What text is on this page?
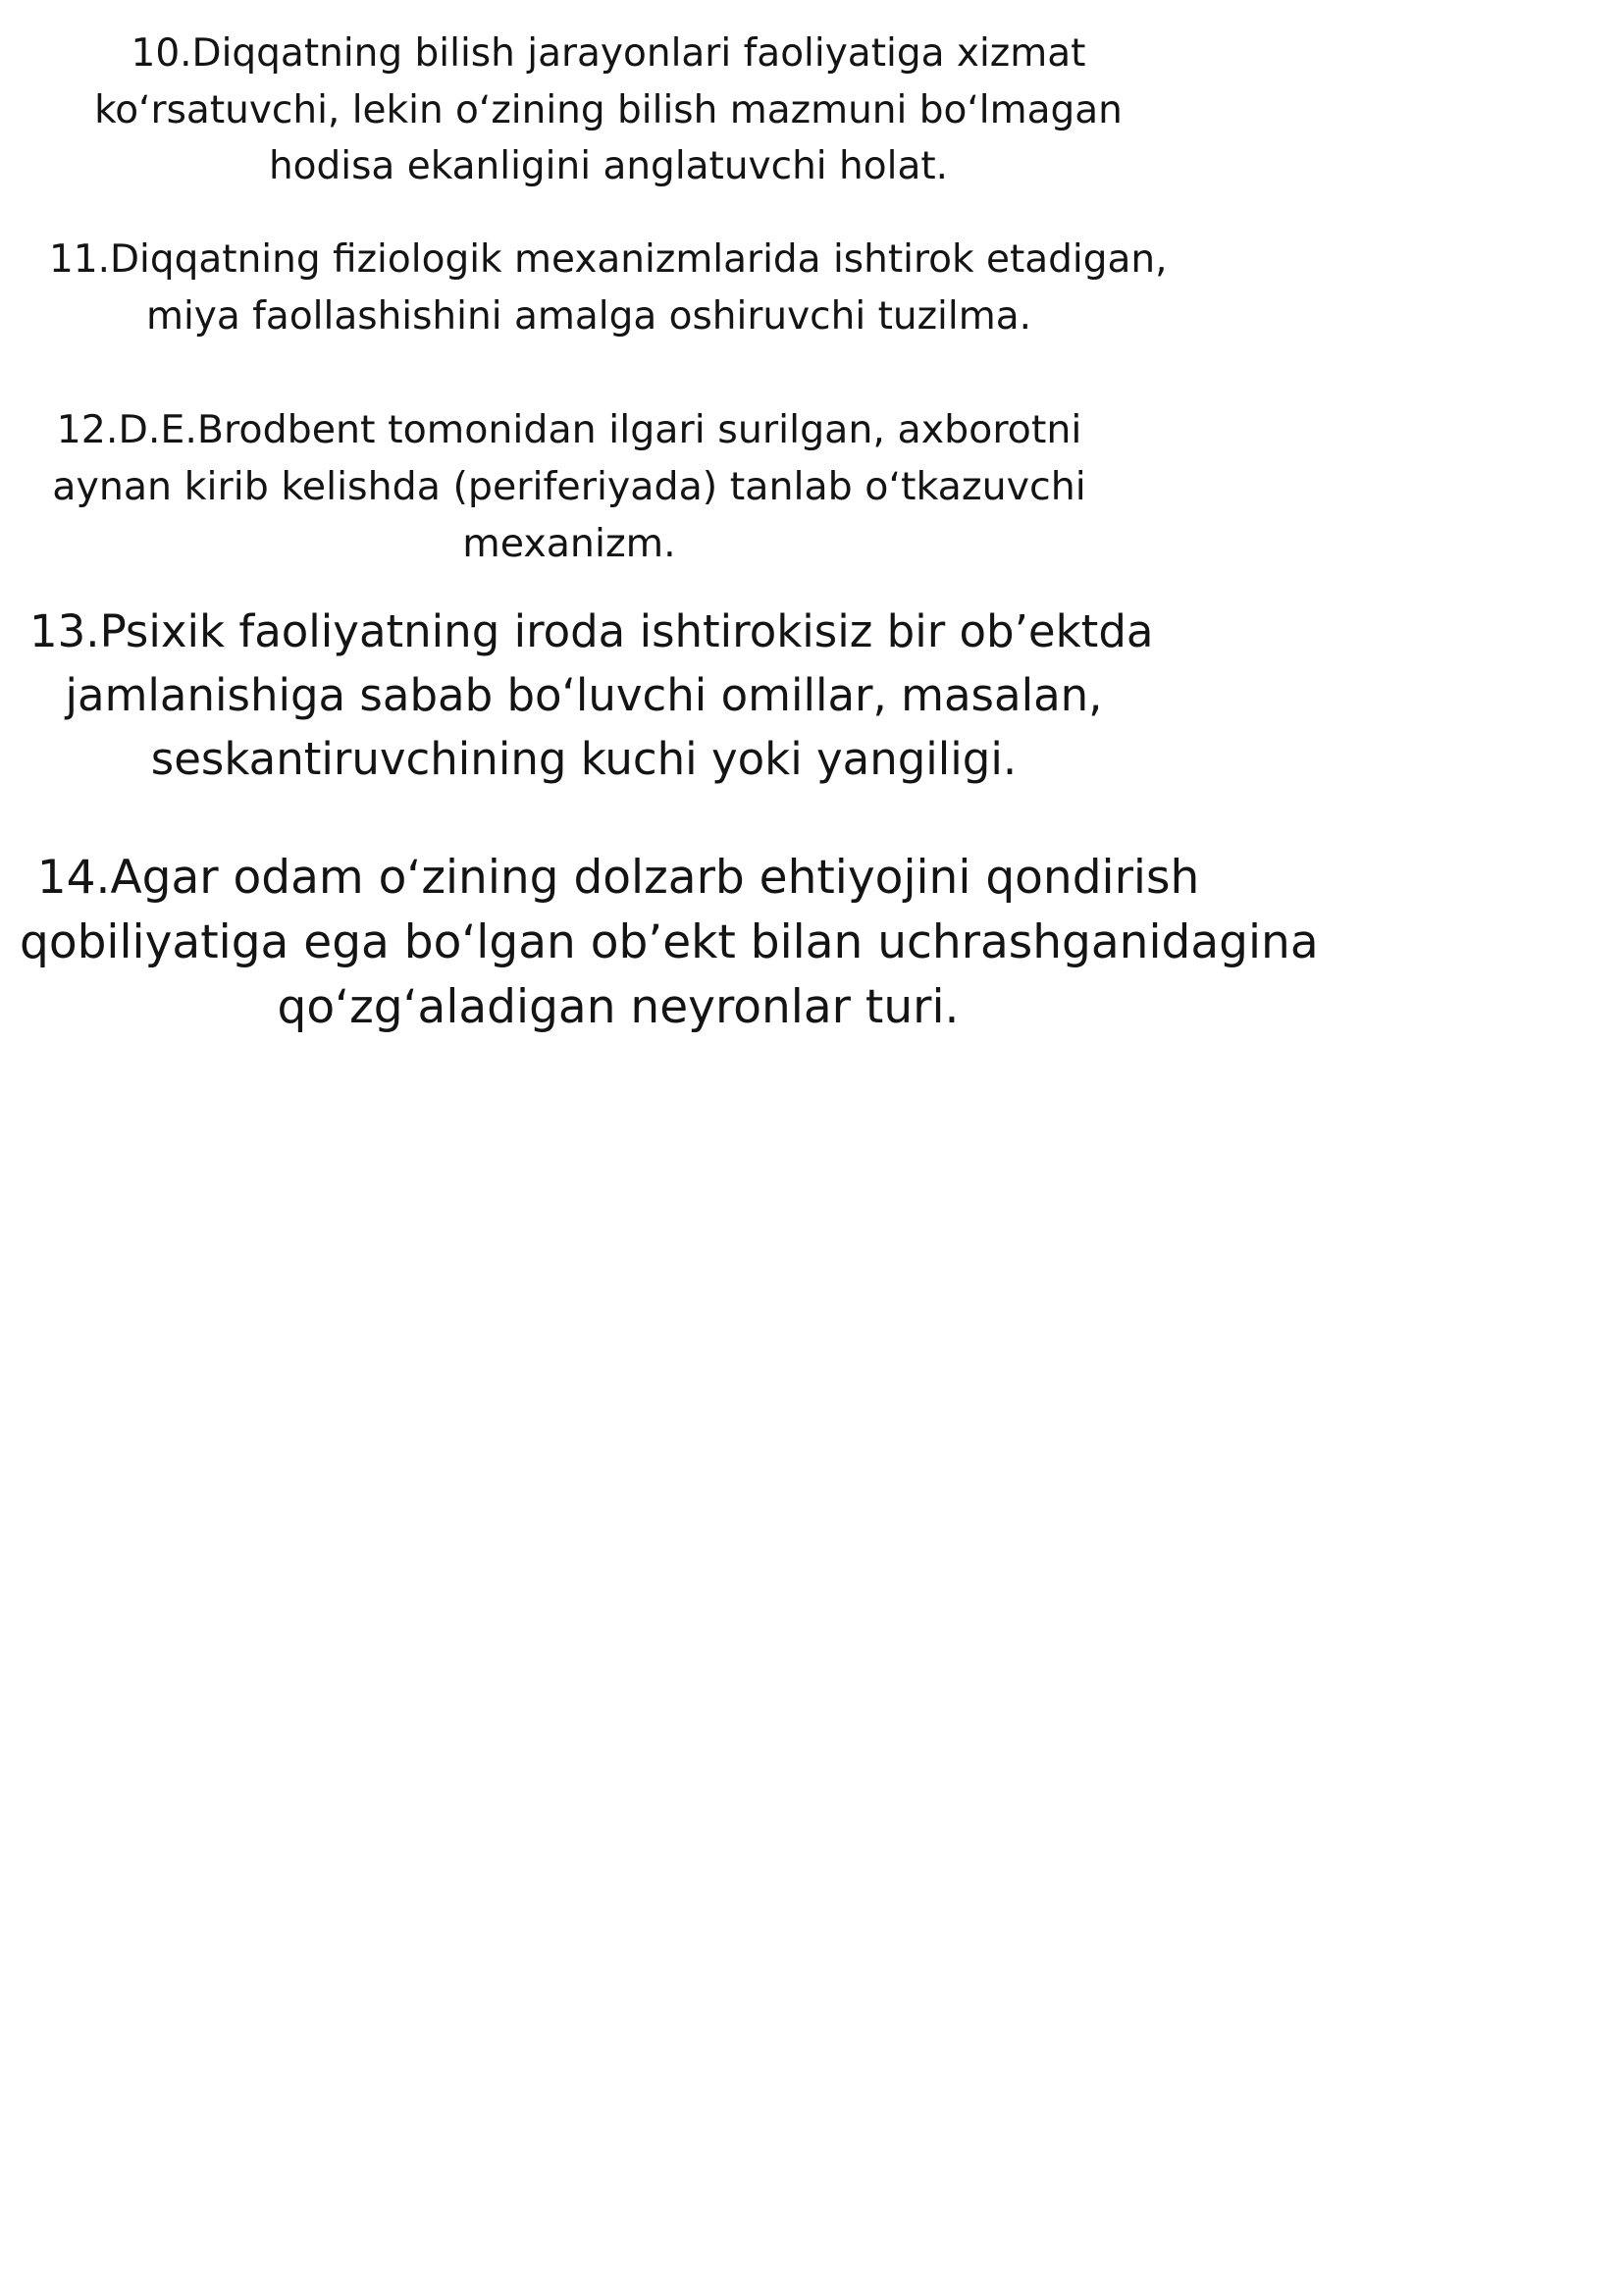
10.Diqqatning bilish jarayonlari faoliyatiga xizmat
ko‘rsatuvchi, lekin o‘zining bilish mazmuni bo‘lmagan
hodisa ekanligini anglatuvchi holat.
11.Diqqatning fiziologik mexanizmlarida ishtirok etadigan,
miya faollashishini amalga oshiruvchi tuzilma.
12.D.E.Brodbent tomonidan ilgari surilgan, axborotni
aynan kirib kelishda (periferiyada) tanlab o‘tkazuvchi
mexanizm.
13.Psixik faoliyatning iroda ishtirokisiz bir ob’ektda
jamlanishiga sabab bo‘luvchi omillar, masalan,
seskantiruvchining kuchi yoki yangiligi.
14.Agar odam o‘zining dolzarb ehtiyojini qondirish
qobiliyatiga ega bo‘lgan ob’ekt bilan uchrashganidagina
qo‘zg‘aladigan neyronlar turi.
